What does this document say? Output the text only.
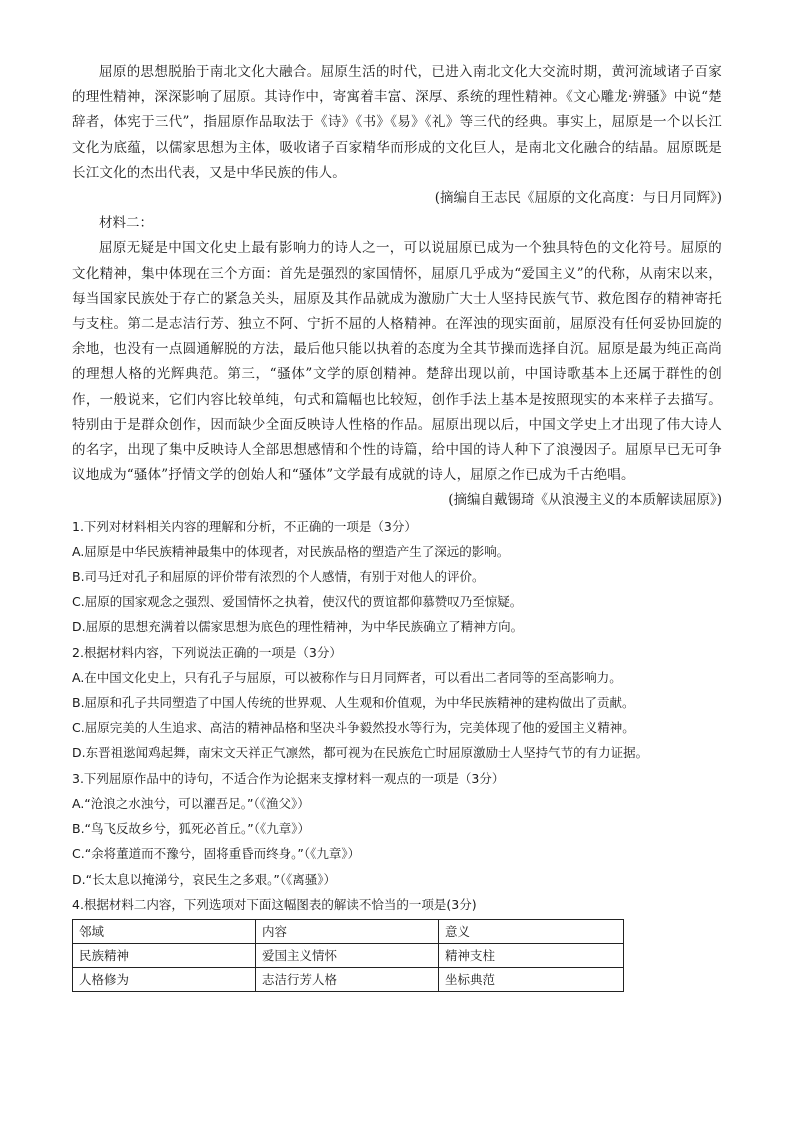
屈原的思想脱胎于南北文化大融合。屈原生活的时代，已进入南北文化大交流时期，黄河流域诸子百家的理性精神，深深影响了屈原。其诗作中，寄寓着丰富、深厚、系统的理性精神。《文心雕龙·辨骚》中说“楚辞者，体宪于三代”，指屈原作品取法于《诗》《书》《易》《礼》等三代的经典。事实上，屈原是一个以长江文化为底蕴，以儒家思想为主体，吸收诸子百家精华而形成的文化巨人，是南北文化融合的结晶。屈原既是长江文化的杰出代表，又是中华民族的伟人。

(摘编自王志民《屈原的文化高度：与日月同辉》)

材料二：

屈原无疑是中国文化史上最有影响力的诗人之一，可以说屈原已成为一个独具特色的文化符号。屈原的文化精神，集中体现在三个方面：首先是强烈的家国情怀，屈原几乎成为“爱国主义”的代称，从南宋以来，每当国家民族处于存亡的紧急关头，屈原及其作品就成为激励广大士人坚持民族气节、救危图存的精神寄托与支柱。第二是志洁行芳、独立不阿、宁折不屈的人格精神。在浑浊的现实面前，屈原没有任何妥协回旋的余地，也没有一点圆通解脱的方法，最后他只能以执着的态度为全其节操而选择自沉。屈原是最为纯正高尚的理想人格的光辉典范。第三，“骚体”文学的原创精神。楚辞出现以前，中国诗歌基本上还属于群性的创作，一般说来，它们内容比较单纯，句式和篇幅也比较短，创作手法上基本是按照现实的本来样子去描写。特别由于是群众创作，因而缺少全面反映诗人性格的作品。屈原出现以后，中国文学史上才出现了伟大诗人的名字，出现了集中反映诗人全部思想感情和个性的诗篇，给中国的诗人种下了浪漫因子。屈原早已无可争议地成为“骚体”抒情文学的创始人和“骚体”文学最有成就的诗人，屈原之作已成为千古绝唱。

(摘编自戴锡琦《从浪漫主义的本质解读屈原》)

1.下列对材料相关内容的理解和分析，不正确的一项是（3分）

A.屈原是中华民族精神最集中的体现者，对民族品格的塑造产生了深远的影响。

B.司马迁对孔子和屈原的评价带有浓烈的个人感情，有别于对他人的评价。

C.屈原的国家观念之强烈、爱国情怀之执着，使汉代的贾谊都仰慕赞叹乃至惊疑。

D.屈原的思想充满着以儒家思想为底色的理性精神，为中华民族确立了精神方向。

2.根据材料内容，下列说法正确的一项是（3分）

A.在中国文化史上，只有孔子与屈原，可以被称作与日月同辉者，可以看出二者同等的至高影响力。

B.屈原和孔子共同塑造了中国人传统的世界观、人生观和价值观，为中华民族精神的建构做出了贡献。

C.屈原完美的人生追求、高洁的精神品格和坚决斗争毅然投水等行为，完美体现了他的爱国主义精神。

D.东晋祖逖闻鸡起舞，南宋文天祥正气凛然，都可视为在民族危亡时屈原激励士人坚持气节的有力证据。

3.下列屈原作品中的诗句，不适合作为论据来支撑材料一观点的一项是（3分）

A.“沧浪之水浊兮，可以濯吾足。”（《渔父》）

B.“鸟飞反故乡兮，狐死必首丘。”（《九章》）

C.“余将董道而不豫兮，固将重昏而终身。”（《九章》）

D.“长太息以掩涕兮，哀民生之多艰。”（《离骚》）

4.根据材料二内容，下列选项对下面这幅图表的解读不恰当的一项是(3分)

邻域	内容	意义
民族精神	爱国主义情怀	精神支柱
人格修为	志洁行芳人格	坐标典范
